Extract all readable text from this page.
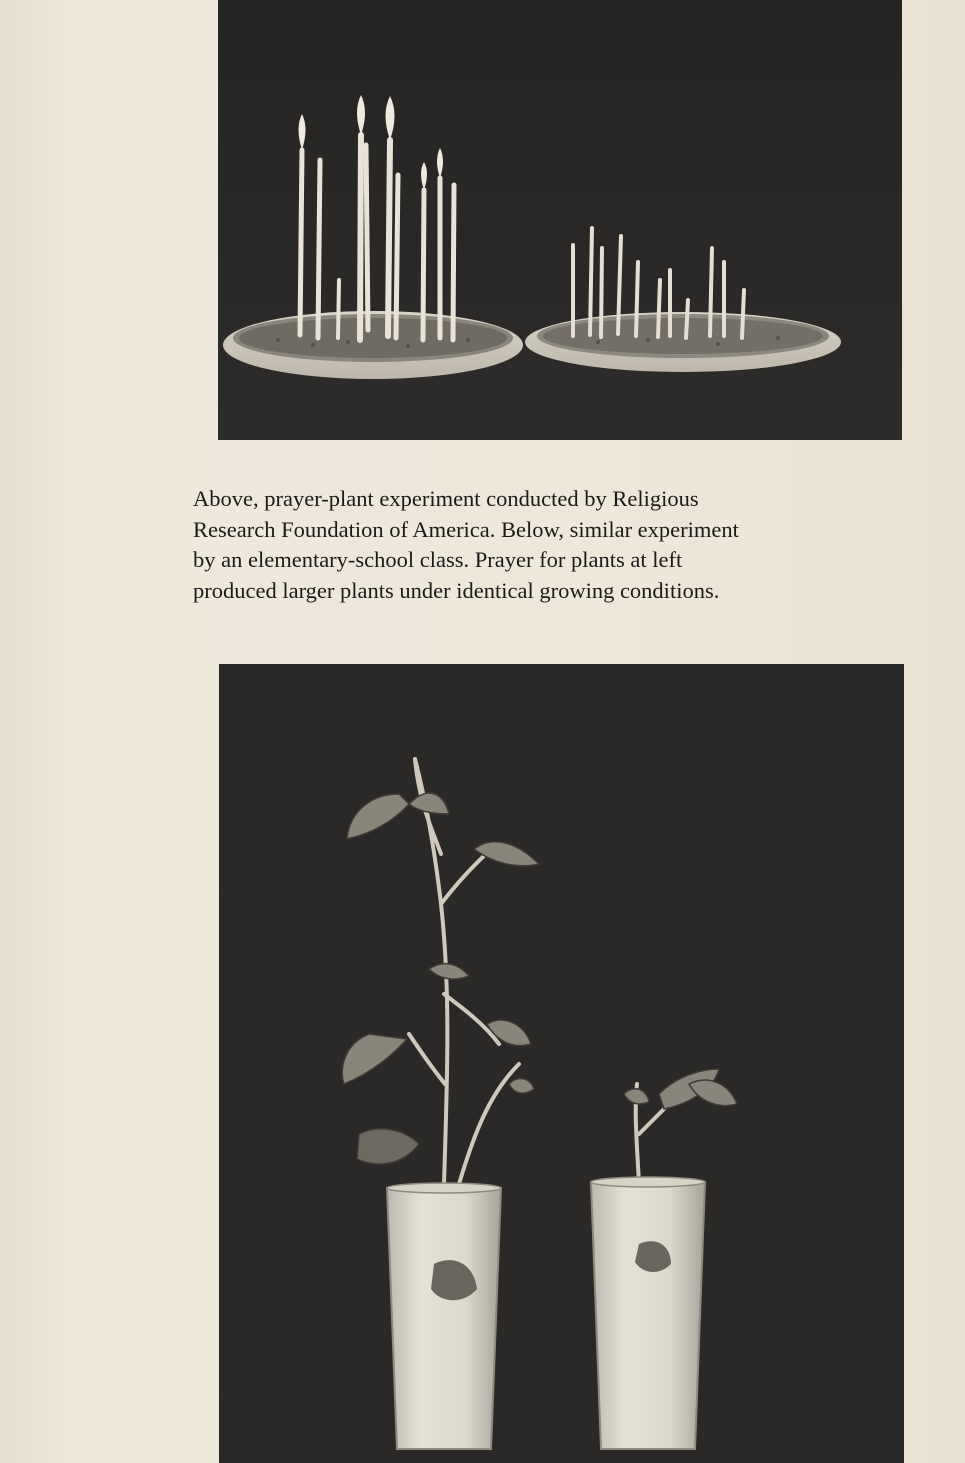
Above, prayer-plant experiment conducted by Religious
Research Foundation of America. Below, similar experiment
by an elementary-school class. Prayer for plants at left
produced larger plants under identical growing conditions.
